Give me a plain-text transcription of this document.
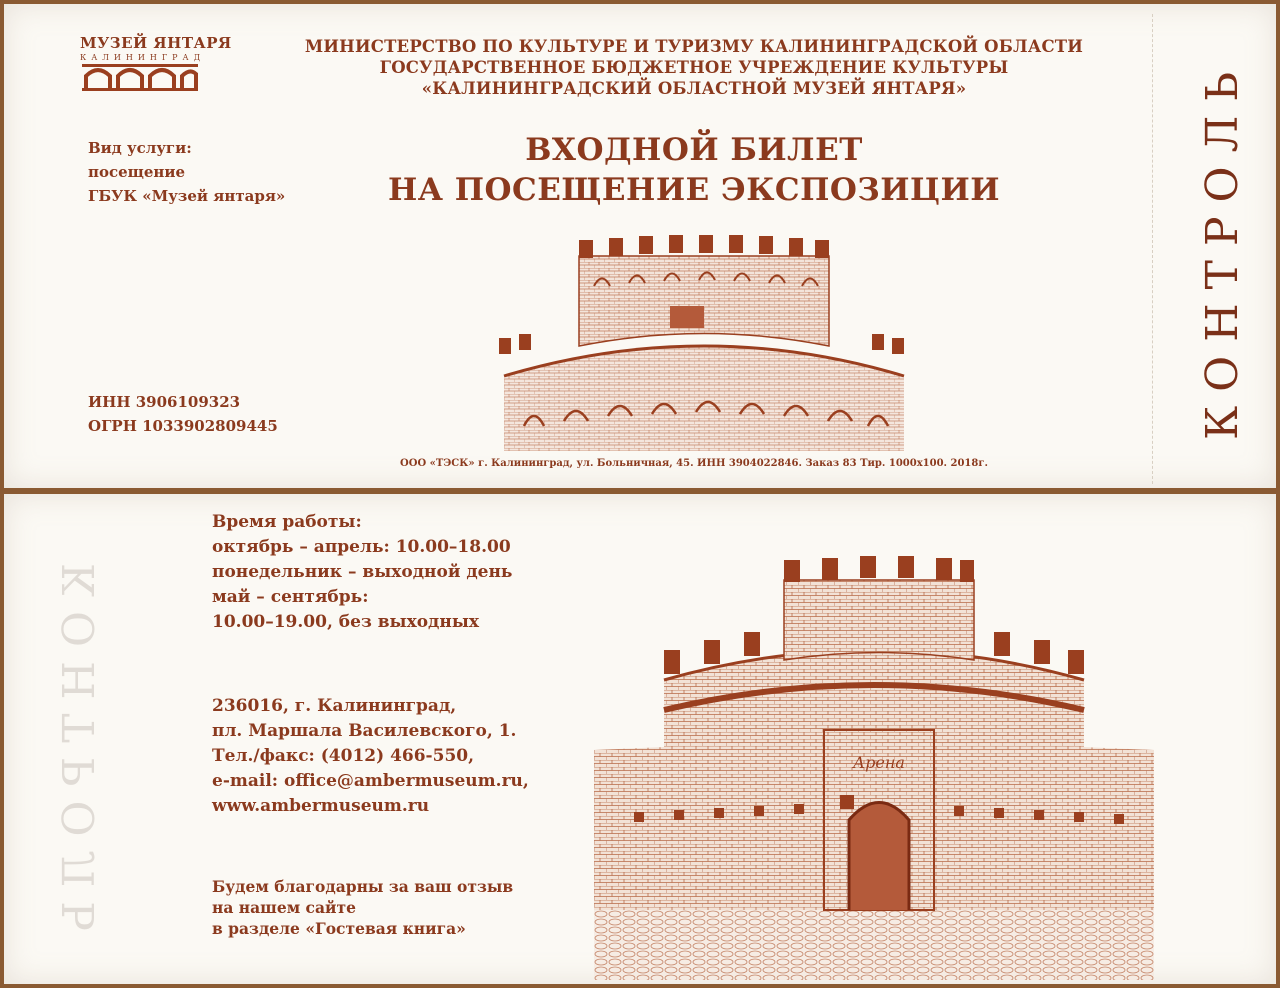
МУЗЕЙ ЯНТАРЯ
КАЛИНИНГРАД
Вид услуги:
посещение
ГБУК «Музей янтаря»
ИНН 3906109323
ОГРН 1033902809445
МИНИСТЕРСТВО ПО КУЛЬТУРЕ И ТУРИЗМУ КАЛИНИНГРАДСКОЙ ОБЛАСТИ
ГОСУДАРСТВЕННОЕ БЮДЖЕТНОЕ УЧРЕЖДЕНИЕ КУЛЬТУРЫ
«КАЛИНИНГРАДСКИЙ ОБЛАСТНОЙ МУЗЕЙ ЯНТАРЯ»
ВХОДНОЙ БИЛЕТ
НА ПОСЕЩЕНИЕ ЭКСПОЗИЦИИ
ООО «ТЭСК» г. Калининград, ул. Больничная, 45. ИНН 3904022846. Заказ 83 Тир. 1000х100. 2018г.
КОНТРОЛЬ
КОНТРОЛЬ
Время работы:
октябрь – апрель: 10.00–18.00
понедельник – выходной день
май – сентябрь:
10.00–19.00, без выходных
236016, г. Калининград,
пл. Маршала Василевского, 1.
Тел./факс: (4012) 466-550,
e-mail: office@ambermuseum.ru,
www.ambermuseum.ru
Будем благодарны за ваш отзыв
на нашем сайте
в разделе «Гостевая книга»
Арена
